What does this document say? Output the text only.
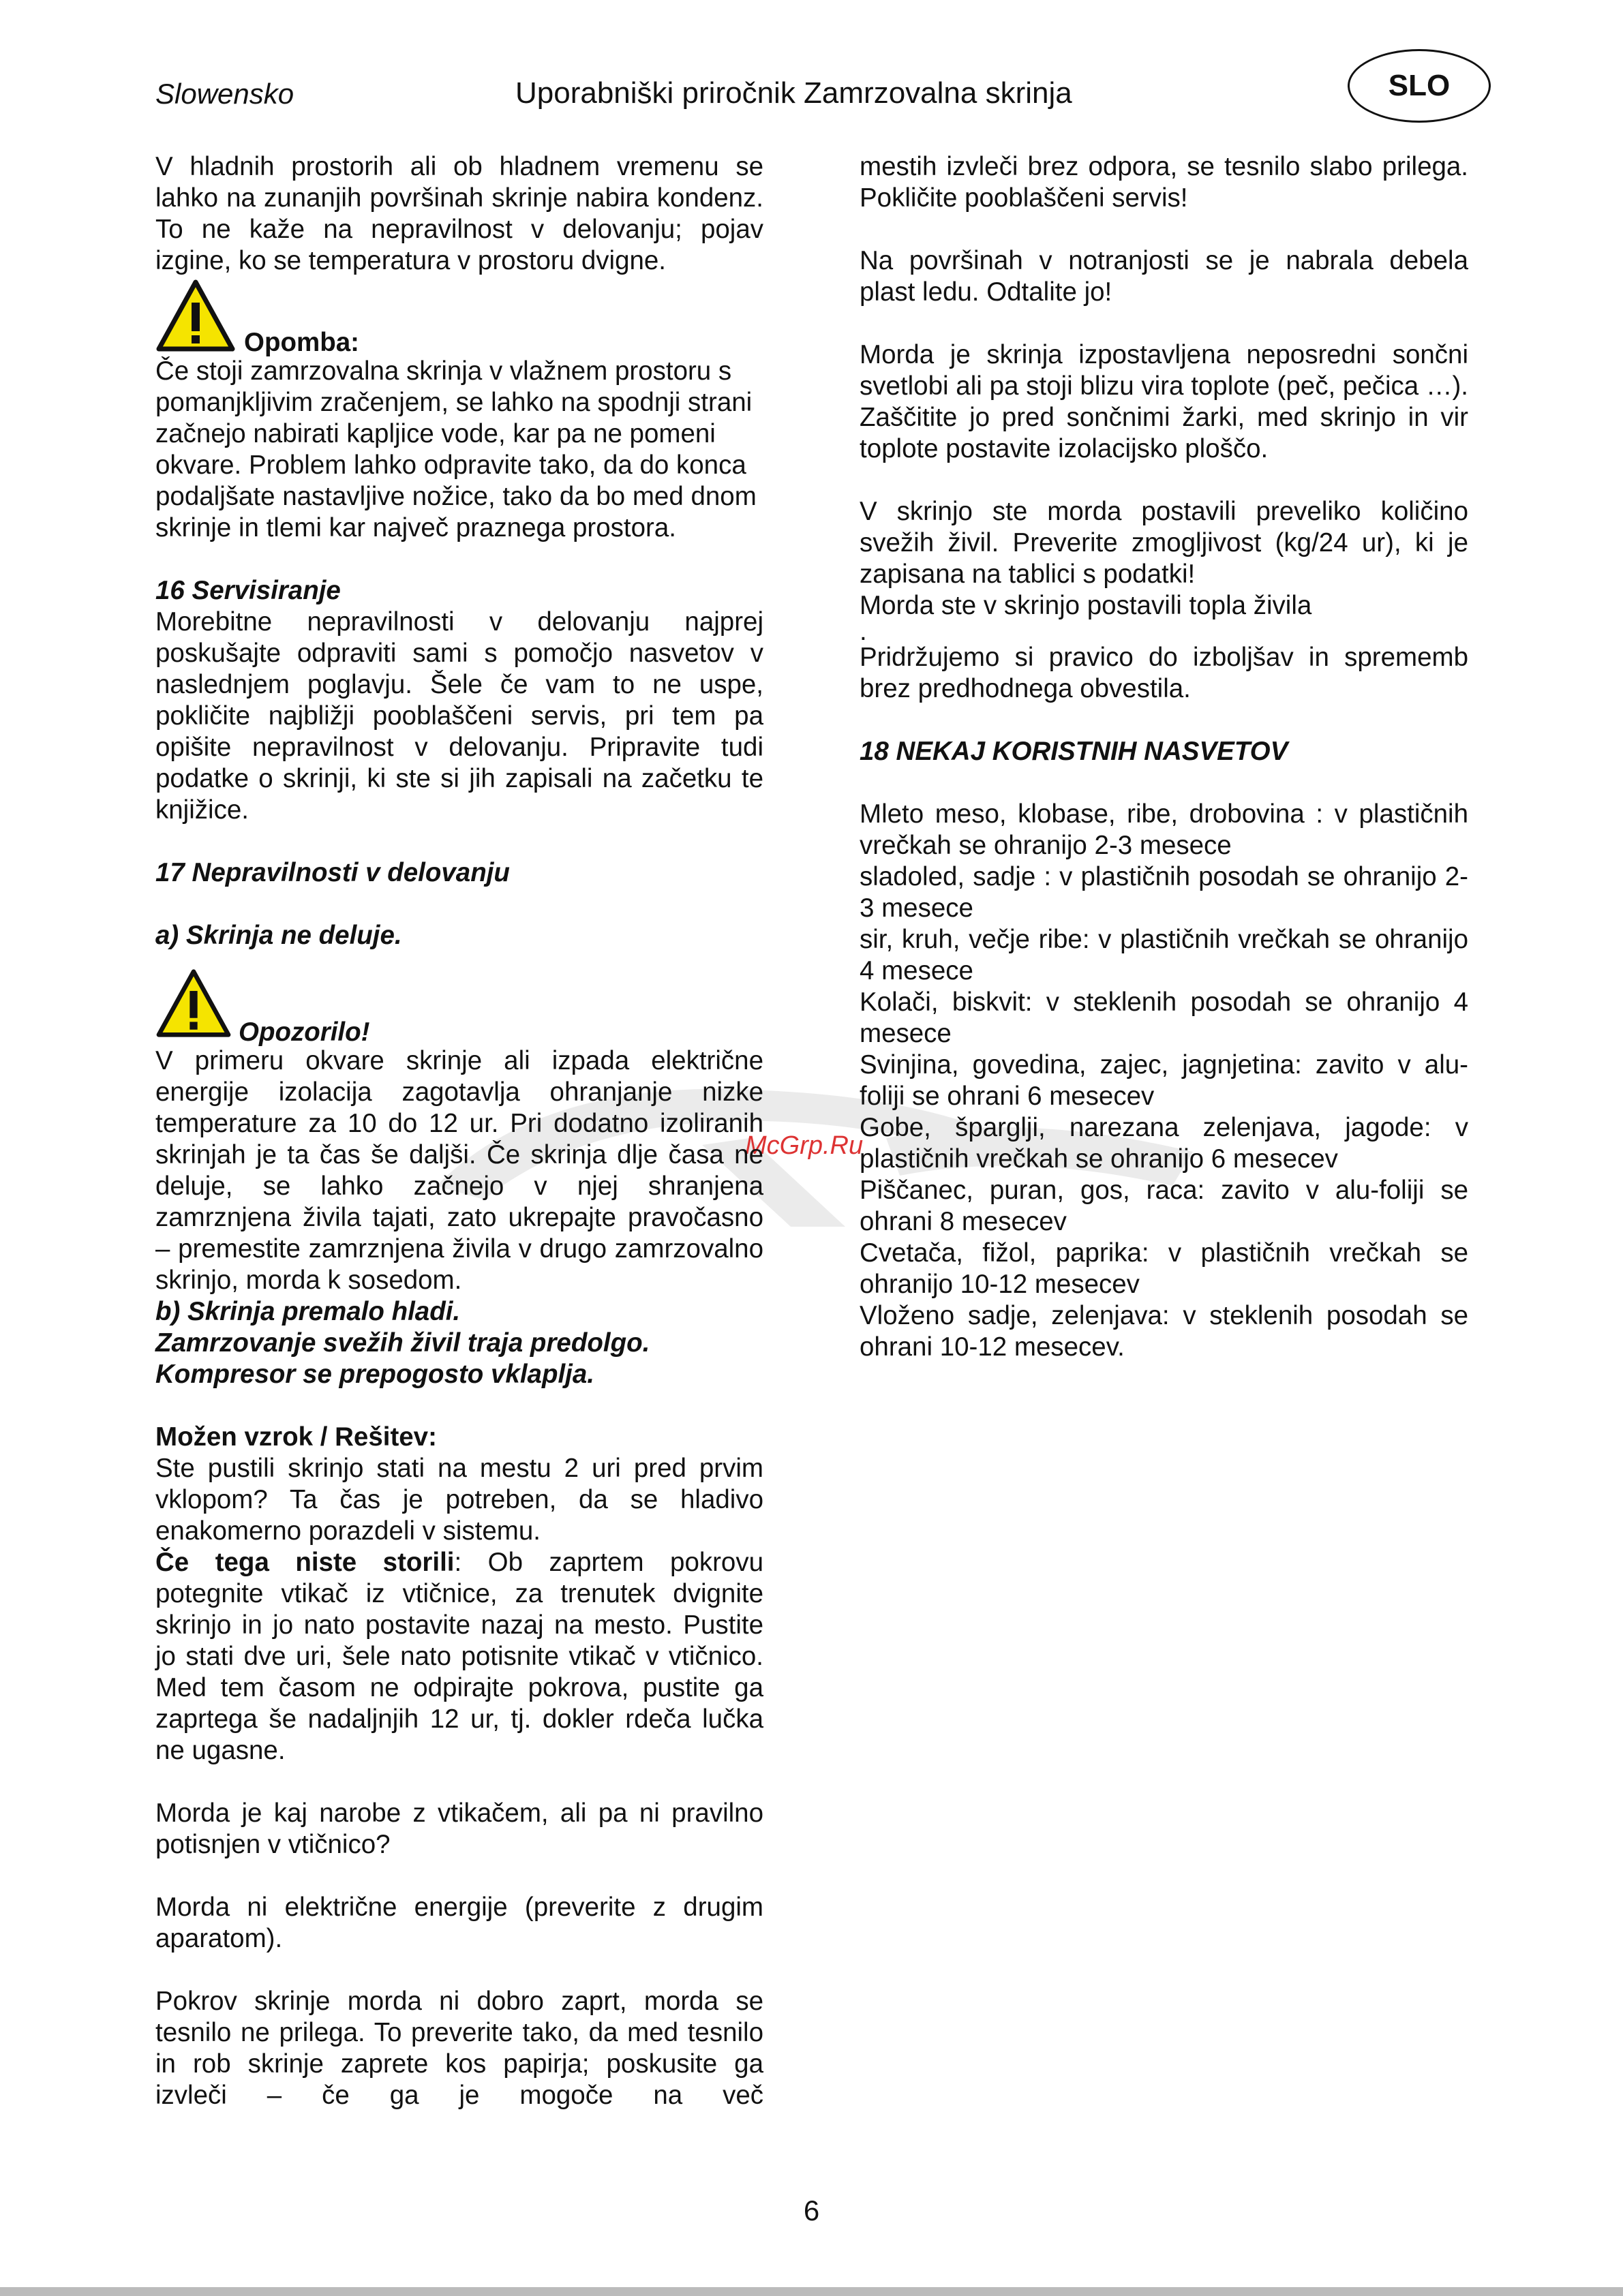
Slowensko	Uporabniški priročnik Zamrzovalna skrinja	SLO
McGrp.Ru

V hladnih prostorih ali ob hladnem vremenu se lahko na zunanjih površinah skrinje nabira kondenz. To ne kaže na nepravilnost v delovanju; pojav izgine, ko se temperatura v prostoru dvigne.

Opomba:

Če stoji zamrzovalna skrinja v vlažnem prostoru s pomanjkljivim zračenjem, se lahko na spodnji strani začnejo nabirati kapljice vode, kar pa ne pomeni okvare. Problem lahko odpravite tako, da do konca podaljšate nastavljive nožice, tako da bo med dnom skrinje in tlemi kar največ praznega prostora.

16 Servisiranje

Morebitne nepravilnosti v delovanju najprej poskušajte odpraviti sami s pomočjo nasvetov v naslednjem poglavju. Šele če vam to ne uspe, pokličite najbližji pooblaščeni servis, pri tem pa opišite nepravilnost v delovanju. Pripravite tudi podatke o skrinji, ki ste si jih zapisali na začetku te knjižice.

17 Nepravilnosti v delovanju

a) Skrinja ne deluje.

Opozorilo!

V primeru okvare skrinje ali izpada električne energije izolacija zagotavlja ohranjanje nizke temperature za 10 do 12 ur. Pri dodatno izoliranih skrinjah je ta čas še daljši. Če skrinja dlje časa ne deluje, se lahko začnejo v njej shranjena zamrznjena živila tajati, zato ukrepajte pravočasno – premestite zamrznjena živila v drugo zamrzovalno skrinjo, morda k sosedom.

b) Skrinja premalo hladi.

Zamrzovanje svežih živil traja predolgo.

Kompresor se prepogosto vklaplja.

Možen vzrok / Rešitev:

Ste pustili skrinjo stati na mestu 2 uri pred prvim vklopom? Ta čas je potreben, da se hladivo enakomerno porazdeli v sistemu.

Če tega niste storili: Ob zaprtem pokrovu potegnite vtikač iz vtičnice, za trenutek dvignite skrinjo in jo nato postavite nazaj na mesto. Pustite jo stati dve uri, šele nato potisnite vtikač v vtičnico. Med tem časom ne odpirajte pokrova, pustite ga zaprtega še nadaljnjih 12 ur, tj. dokler rdeča lučka ne ugasne.

Morda je kaj narobe z vtikačem, ali pa ni pravilno potisnjen v vtičnico?

Morda ni električne energije (preverite z drugim aparatom).

Pokrov skrinje morda ni dobro zaprt, morda se tesnilo ne prilega. To preverite tako, da med tesnilo in rob skrinje zaprete kos papirja; poskusite ga izvleči – če ga je mogoče na več

mestih izvleči brez odpora, se tesnilo slabo prilega. Pokličite pooblaščeni servis!

Na površinah v notranjosti se je nabrala debela plast ledu. Odtalite jo!

Morda je skrinja izpostavljena neposredni sončni svetlobi ali pa stoji blizu vira toplote (peč, pečica …). Zaščitite jo pred sončnimi žarki, med skrinjo in vir toplote postavite izolacijsko ploščo.

V skrinjo ste morda postavili preveliko količino svežih živil. Preverite zmogljivost (kg/24 ur), ki je zapisana na tablici s podatki!

Morda ste v skrinjo postavili topla živila

.

Pridržujemo si pravico do izboljšav in sprememb brez predhodnega obvestila.

18 NEKAJ KORISTNIH NASVETOV

Mleto meso, klobase, ribe, drobovina : v plastičnih vrečkah se ohranijo 2-3 mesece

sladoled, sadje : v plastičnih posodah se ohranijo 2-3 mesece

sir, kruh, večje ribe: v plastičnih vrečkah se ohranijo 4 mesece

Kolači, biskvit: v steklenih posodah se ohranijo 4 mesece

Svinjina, govedina, zajec, jagnjetina: zavito v alu-foliji se ohrani 6 mesecev

Gobe, špargljі, narezana zelenjava, jagode: v plastičnih vrečkah se ohranijo 6 mesecev

Piščanec, puran, gos, raca: zavito v alu-foliji se ohrani 8 mesecev

Cvetača, fižol, paprika: v plastičnih vrečkah se ohranijo 10-12 mesecev

Vloženo sadje, zelenjava: v steklenih posodah se ohrani 10-12 mesecev.

6
